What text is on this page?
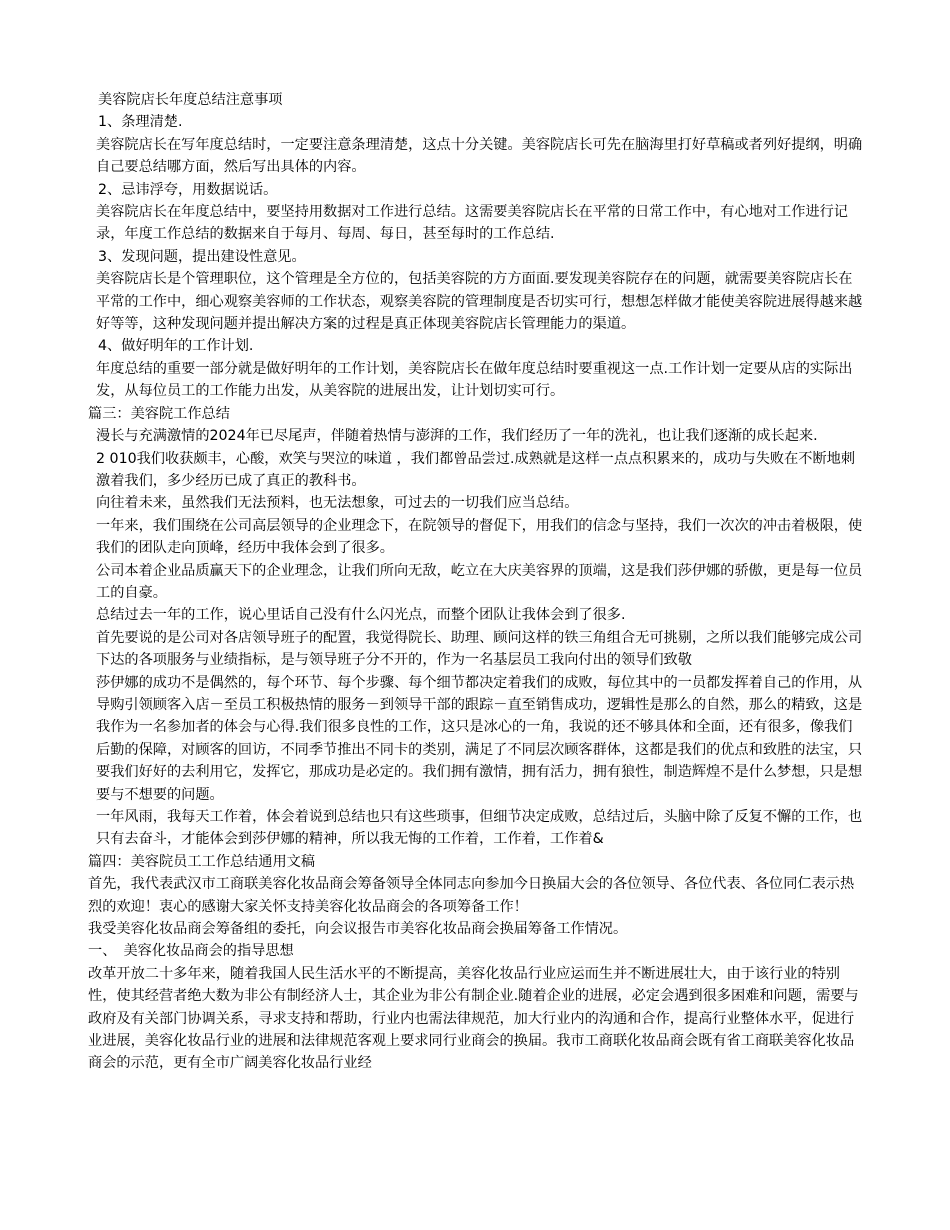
美容院店长年度总结注意事项

1、条理清楚.

美容院店长在写年度总结时，一定要注意条理清楚，这点十分关键。美容院店长可先在脑海里打好草稿或者列好提纲，明确自己要总结哪方面，然后写出具体的内容。

2、忌讳浮夸，用数据说话。

美容院店长在年度总结中，要坚持用数据对工作进行总结。这需要美容院店长在平常的日常工作中，有心地对工作进行记录，年度工作总结的数据来自于每月、每周、每日，甚至每时的工作总结.

3、发现问题，提出建设性意见。

美容院店长是个管理职位，这个管理是全方位的，包括美容院的方方面面.要发现美容院存在的问题，就需要美容院店长在平常的工作中，细心观察美容师的工作状态，观察美容院的管理制度是否切实可行，想想怎样做才能使美容院进展得越来越好等等，这种发现问题并提出解决方案的过程是真正体现美容院店长管理能力的渠道。

4、做好明年的工作计划.

年度总结的重要一部分就是做好明年的工作计划，美容院店长在做年度总结时要重视这一点.工作计划一定要从店的实际出发，从每位员工的工作能力出发，从美容院的进展出发，让计划切实可行。

篇三：美容院工作总结

漫长与充满激情的2024年已尽尾声，伴随着热情与澎湃的工作，我们经历了一年的洗礼，也让我们逐渐的成长起来.

2 010我们收获颇丰，心酸，欢笑与哭泣的味道 ，我们都曾品尝过.成熟就是这样一点点积累来的，成功与失败在不断地刺激着我们，多少经历已成了真正的教科书。

向往着未来，虽然我们无法预料，也无法想象，可过去的一切我们应当总结。

一年来，我们围绕在公司高层领导的企业理念下，在院领导的督促下，用我们的信念与坚持，我们一次次的冲击着极限，使我们的团队走向顶峰，经历中我体会到了很多。

公司本着企业品质赢天下的企业理念，让我们所向无敌，屹立在大庆美容界的顶端，这是我们莎伊娜的骄傲，更是每一位员工的自豪。

总结过去一年的工作，说心里话自己没有什么闪光点，而整个团队让我体会到了很多.

首先要说的是公司对各店领导班子的配置，我觉得院长、助理、顾问这样的铁三角组合无可挑剔，之所以我们能够完成公司下达的各项服务与业绩指标，是与领导班子分不开的，作为一名基层员工我向付出的领导们致敬

莎伊娜的成功不是偶然的，每个环节、每个步骤、每个细节都决定着我们的成败，每位其中的一员都发挥着自己的作用，从导购引领顾客入店－至员工积极热情的服务－到领导干部的跟踪－直至销售成功，逻辑性是那么的自然，那么的精致，这是我作为一名参加者的体会与心得.我们很多良性的工作，这只是冰心的一角，我说的还不够具体和全面，还有很多，像我们后勤的保障，对顾客的回访，不同季节推出不同卡的类别，满足了不同层次顾客群体，这都是我们的优点和致胜的法宝，只要我们好好的去利用它，发挥它，那成功是必定的。我们拥有激情，拥有活力，拥有狼性，制造辉煌不是什么梦想，只是想要与不想要的问题。

一年风雨，我每天工作着，体会着说到总结也只有这些琐事，但细节决定成败，总结过后，头脑中除了反复不懈的工作，也只有去奋斗，才能体会到莎伊娜的精神，所以我无悔的工作着，工作着，工作着&

篇四：美容院员工工作总结通用文稿

首先，我代表武汉市工商联美容化妆品商会筹备领导全体同志向参加今日换届大会的各位领导、各位代表、各位同仁表示热烈的欢迎！衷心的感谢大家关怀支持美容化妆品商会的各项筹备工作！

我受美容化妆品商会筹备组的委托，向会议报告市美容化妆品商会换届筹备工作情况。

一、　美容化妆品商会的指导思想

改革开放二十多年来，随着我国人民生活水平的不断提高，美容化妆品行业应运而生并不断进展壮大，由于该行业的特别性，使其经营者绝大数为非公有制经济人士，其企业为非公有制企业.随着企业的进展，必定会遇到很多困难和问题，需要与政府及有关部门协调关系，寻求支持和帮助，行业内也需法律规范，加大行业内的沟通和合作，提高行业整体水平，促进行业进展，美容化妆品行业的进展和法律规范客观上要求同行业商会的换届。我市工商联化妆品商会既有省工商联美容化妆品商会的示范，更有全市广阔美容化妆品行业经
